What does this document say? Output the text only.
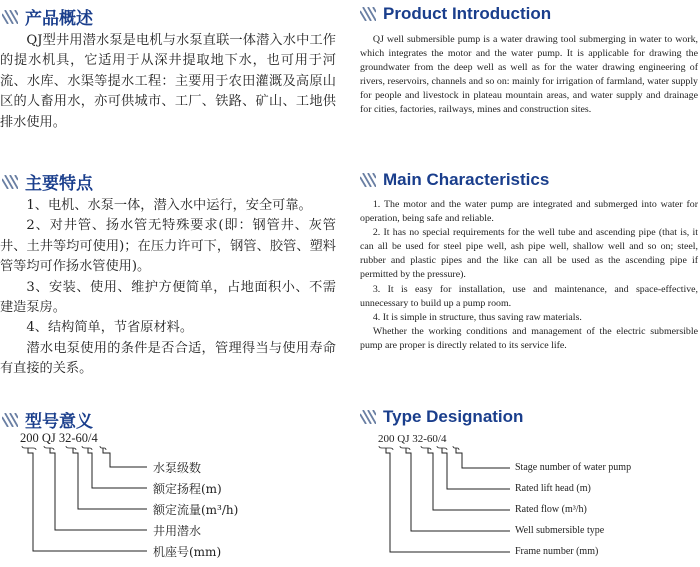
产品概述

QJ型井用潜水泵是电机与水泵直联一体潜入水中工作的提水机具，它适用于从深井提取地下水，也可用于河流、水库、水渠等提水工程：主要用于农田灌溉及高原山区的人畜用水，亦可供城市、工厂、铁路、矿山、工地供排水使用。

主要特点

1、电机、水泵一体，潜入水中运行，安全可靠。

2、对井管、扬水管无特殊要求(即：钢管井、灰管井、土井等均可使用)；在压力许可下，钢管、胶管、塑料管等均可作扬水管使用)。

3、安装、使用、维护方便简单，占地面积小、不需建造泵房。

4、结构简单，节省原材料。

潜水电泵使用的条件是否合适，管理得当与使用寿命有直接的关系。

型号意义
200 QJ 32-60/4
水泵级数
额定扬程(m)
额定流量(m³/h)
井用潜水
机座号(mm)
Product Introduction

QJ well submersible pump is a water drawing tool submerging in water to work, which integrates the motor and the water pump. It is applicable for drawing the groundwater from the deep well as well as for the water drawing engineering of rivers, reservoirs, channels and so on: mainly for irrigation of farmland, water supply for people and livestock in plateau mountain areas, and water supply and drainage for cities, factories, railways, mines and construction sites.

Main Characteristics

1. The motor and the water pump are integrated and submerged into water for operation, being safe and reliable.

2. It has no special requirements for the well tube and ascending pipe (that is, it can all be used for steel pipe well, ash pipe well, shallow well and so on; steel, rubber and plastic pipes and the like can all be used as the ascending pipe if permitted by the pressure).

3. It is easy for installation, use and maintenance, and space-effective, unnecessary to build up a pump room.

4. It is simple in structure, thus saving raw materials.

Whether the working conditions and management of the electric submersible pump are proper is directly related to its service life.

Type Designation
200 QJ 32-60/4
Stage number of water pump
Rated lift head (m)
Rated flow (m³/h)
Well submersible type
Frame number (mm)
